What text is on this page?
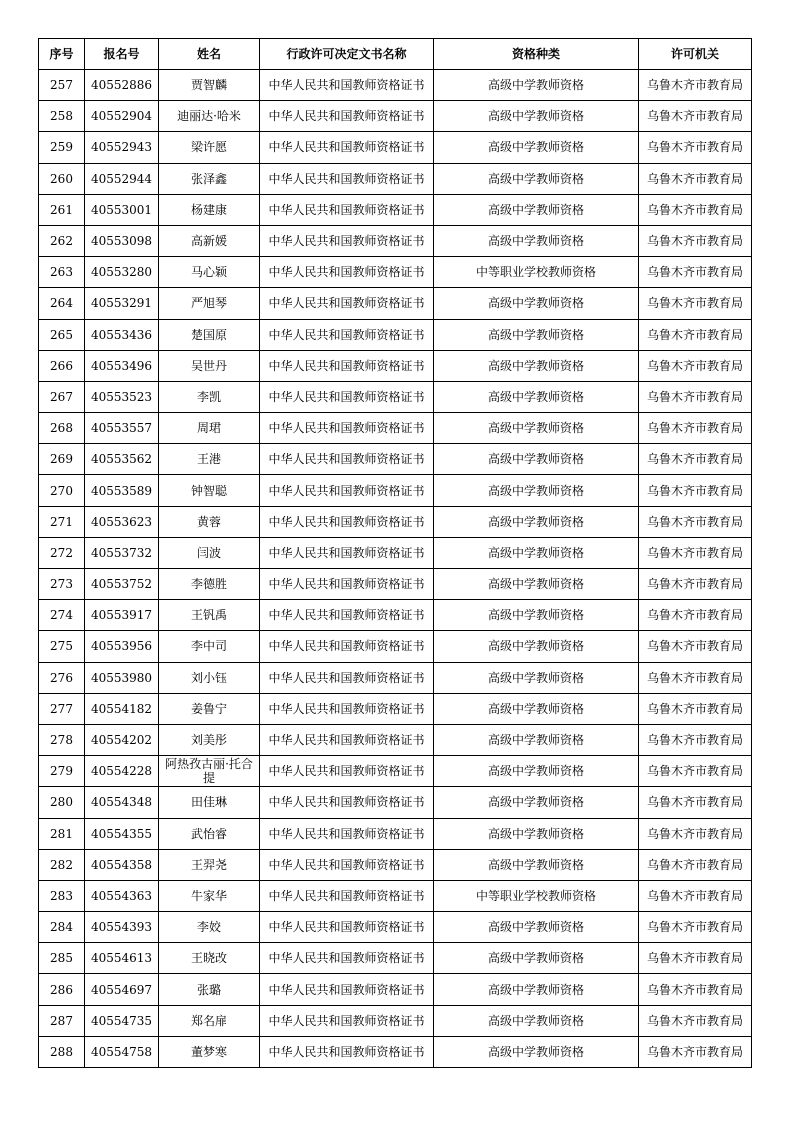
序号	报名号	姓名	行政许可决定文书名称	资格种类	许可机关
257	40552886	贾智麟	中华人民共和国教师资格证书	高级中学教师资格	乌鲁木齐市教育局
258	40552904	迪丽达·哈米	中华人民共和国教师资格证书	高级中学教师资格	乌鲁木齐市教育局
259	40552943	梁许愿	中华人民共和国教师资格证书	高级中学教师资格	乌鲁木齐市教育局
260	40552944	张泽鑫	中华人民共和国教师资格证书	高级中学教师资格	乌鲁木齐市教育局
261	40553001	杨建康	中华人民共和国教师资格证书	高级中学教师资格	乌鲁木齐市教育局
262	40553098	高新媛	中华人民共和国教师资格证书	高级中学教师资格	乌鲁木齐市教育局
263	40553280	马心颖	中华人民共和国教师资格证书	中等职业学校教师资格	乌鲁木齐市教育局
264	40553291	严旭琴	中华人民共和国教师资格证书	高级中学教师资格	乌鲁木齐市教育局
265	40553436	楚国原	中华人民共和国教师资格证书	高级中学教师资格	乌鲁木齐市教育局
266	40553496	吴世丹	中华人民共和国教师资格证书	高级中学教师资格	乌鲁木齐市教育局
267	40553523	李凯	中华人民共和国教师资格证书	高级中学教师资格	乌鲁木齐市教育局
268	40553557	周珺	中华人民共和国教师资格证书	高级中学教师资格	乌鲁木齐市教育局
269	40553562	王港	中华人民共和国教师资格证书	高级中学教师资格	乌鲁木齐市教育局
270	40553589	钟智聪	中华人民共和国教师资格证书	高级中学教师资格	乌鲁木齐市教育局
271	40553623	黄蓉	中华人民共和国教师资格证书	高级中学教师资格	乌鲁木齐市教育局
272	40553732	闫波	中华人民共和国教师资格证书	高级中学教师资格	乌鲁木齐市教育局
273	40553752	李德胜	中华人民共和国教师资格证书	高级中学教师资格	乌鲁木齐市教育局
274	40553917	王钒禹	中华人民共和国教师资格证书	高级中学教师资格	乌鲁木齐市教育局
275	40553956	李中司	中华人民共和国教师资格证书	高级中学教师资格	乌鲁木齐市教育局
276	40553980	刘小钰	中华人民共和国教师资格证书	高级中学教师资格	乌鲁木齐市教育局
277	40554182	姜鲁宁	中华人民共和国教师资格证书	高级中学教师资格	乌鲁木齐市教育局
278	40554202	刘美彤	中华人民共和国教师资格证书	高级中学教师资格	乌鲁木齐市教育局
279	40554228	阿热孜古丽·托合提	中华人民共和国教师资格证书	高级中学教师资格	乌鲁木齐市教育局
280	40554348	田佳琳	中华人民共和国教师资格证书	高级中学教师资格	乌鲁木齐市教育局
281	40554355	武怡睿	中华人民共和国教师资格证书	高级中学教师资格	乌鲁木齐市教育局
282	40554358	王羿尧	中华人民共和国教师资格证书	高级中学教师资格	乌鲁木齐市教育局
283	40554363	牛家华	中华人民共和国教师资格证书	中等职业学校教师资格	乌鲁木齐市教育局
284	40554393	李姣	中华人民共和国教师资格证书	高级中学教师资格	乌鲁木齐市教育局
285	40554613	王晓改	中华人民共和国教师资格证书	高级中学教师资格	乌鲁木齐市教育局
286	40554697	张璐	中华人民共和国教师资格证书	高级中学教师资格	乌鲁木齐市教育局
287	40554735	郑名扉	中华人民共和国教师资格证书	高级中学教师资格	乌鲁木齐市教育局
288	40554758	董梦寒	中华人民共和国教师资格证书	高级中学教师资格	乌鲁木齐市教育局
